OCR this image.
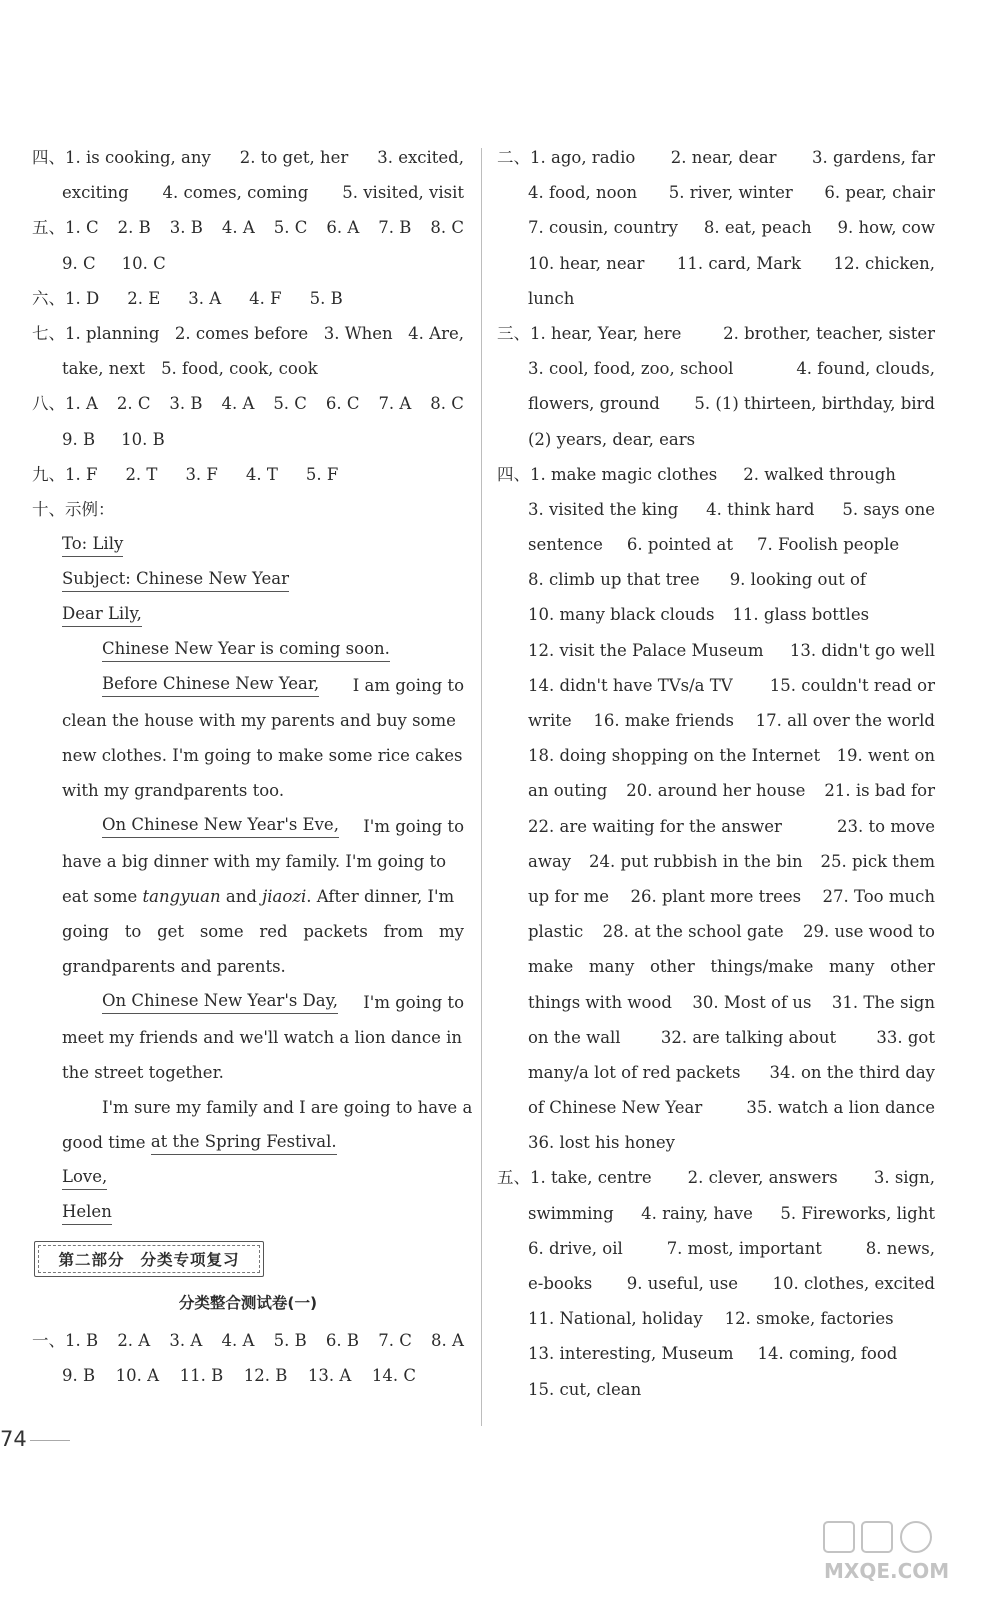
四、1. is cooking, any 2. to get, her 3. excited,
exciting 4. comes, coming 5. visited, visit
五、1. C 2. B 3. B 4. A 5. C 6. A 7. B 8. C
9. C 10. C
六、1. D 2. E 3. A 4. F 5. B
七、1. planning 2. comes before 3. When 4. Are,
take, next 5. food, cook, cook
八、1. A 2. C 3. B 4. A 5. C 6. C 7. A 8. C
9. B 10. B
九、1. F 2. T 3. F 4. T 5. F
十、示例：
To: Lily
Subject: Chinese New Year
Dear Lily,
Chinese New Year is coming soon.
Before Chinese New Year, I am going to
clean the house with my parents and buy some
new clothes. I'm going to make some rice cakes
with my grandparents too.
On Chinese New Year's Eve, I'm going to
have a big dinner with my family. I'm going to
eat some
tangyuan
and
jiaozi . After dinner, I'm
going to get some red packets from my
grandparents and parents.
On Chinese New Year's Day, I'm going to
meet my friends and we'll watch a lion dance in
the street together.
I'm sure my family and I are going to have a
good time
at the Spring Festival.
Love,
Helen
第二部分 分类专项复习
分类整合测试卷(一)
一、1. B 2. A 3. A 4. A 5. B 6. B 7. C 8. A
9. B 10. A 11. B 12. B 13. A 14. C
二、1. ago, radio 2. near, dear 3. gardens, far
4. food, noon 5. river, winter 6. pear, chair
7. cousin, country 8. eat, peach 9. how, cow
10. hear, near 11. card, Mark 12. chicken,
lunch
三、1. hear, Year, here	2. brother, teacher, sister
3. cool, food, zoo, school	4. found, clouds,
flowers, ground 5. (1) thirteen, birthday, bird
(2) years, dear, ears
四、1. make magic clothes 2. walked through
3. visited the king 4. think hard 5. says one
sentence 6. pointed at 7. Foolish people
8. climb up that tree 9. looking out of
10. many black clouds 11. glass bottles
12. visit the Palace Museum 13. didn't go well
14. didn't have TVs/a TV 15. couldn't read or
write 16. make friends 17. all over the world
18. doing shopping on the Internet 19. went on
an outing 20. around her house 21. is bad for
22. are waiting for the answer	23. to move
away 24. put rubbish in the bin 25. pick them
up for me 26. plant more trees 27. Too much
plastic 28. at the school gate 29. use wood to
make many other things/make many other
things with wood 30. Most of us 31. The sign
on the wall 32. are talking about 33. got
many/a lot of red packets 34. on the third day
of Chinese New Year	35. watch a lion dance
36. lost his honey
五、1. take, centre 2. clever, answers 3. sign,
swimming 4. rainy, have 5. Fireworks, light
6. drive, oil	7. most, important	8. news,
e-books 9. useful, use 10. clothes, excited
11. National, holiday 12. smoke, factories
13. interesting, Museum 14. coming, food
15. cut, clean
74
MXQE.COM
